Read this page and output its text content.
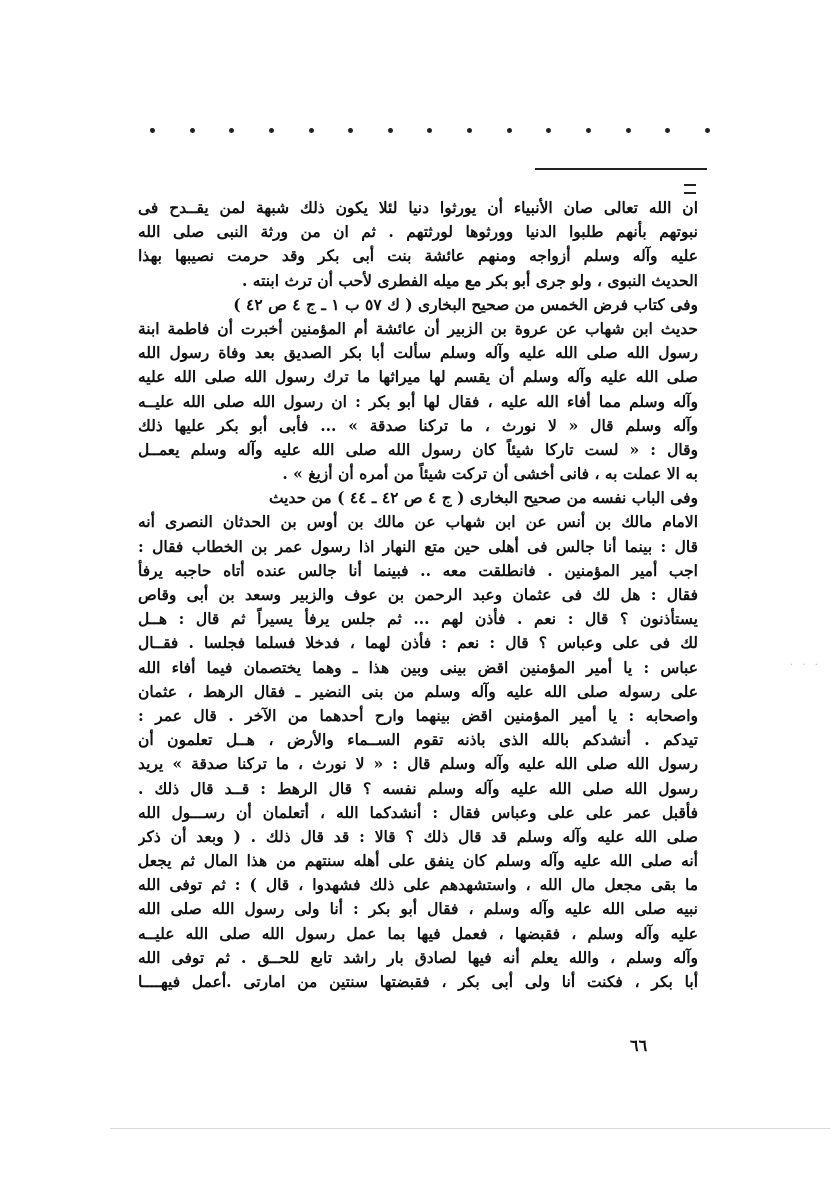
ان الله تعالى صان الأنبياء أن يورثوا دنيا لئلا يكون ذلك شبهة لمن يقــدح فى
نبوتهم بأنهم طلبوا الدنيا وورثوها لورثتهم . ثم ان من ورثة النبى صلى الله
عليه وآله وسلم أزواجه ومنهم عائشة بنت أبى بكر وقد حرمت نصيبها بهذا
الحديث النبوى ، ولو جرى أبو بكر مع ميله الفطرى لأحب أن ترث ابنته .
وفى كتاب فرض الخمس من صحيح البخارى ( ك ٥٧ ب ١ ـ ج ٤ ص ٤٢ )
حديث ابن شهاب عن عروة بن الزبير أن عائشة أم المؤمنين أخبرت أن فاطمة ابنة
رسول الله صلى الله عليه وآله وسلم سألت أبا بكر الصديق بعد وفاة رسول الله
صلى الله عليه وآله وسلم أن يقسم لها ميراثها ما ترك رسول الله صلى الله عليه
وآله وسلم مما أفاء الله عليه ، فقال لها أبو بكر : ان رسول الله صلى الله عليــه
وآله وسلم قال « لا نورث ، ما تركنا صدقة » ... فأبى أبو بكر عليها ذلك
وقال : « لست تاركا شيئاً كان رسول الله صلى الله عليه وآله وسلم يعمــل
به الا عملت به ، فانى أخشى أن تركت شيئاً من أمره أن أزيغ » .
وفى الباب نفسه من صحيح البخارى ( ج ٤ ص ٤٢ ـ ٤٤ ) من حديث
الامام مالك بن أنس عن ابن شهاب عن مالك بن أوس بن الحدثان النصرى أنه
قال : بينما أنا جالس فى أهلى حين متع النهار اذا رسول عمر بن الخطاب فقال :
اجب أمير المؤمنين . فانطلقت معه .. فبينما أنا جالس عنده أتاه حاجبه يرفأ
فقال : هل لك فى عثمان وعبد الرحمن بن عوف والزبير وسعد بن أبى وقاص
يستأذنون ؟ قال : نعم . فأذن لهم ... ثم جلس يرفأ يسيراً ثم قال : هــل
لك فى على وعباس ؟ قال : نعم : فأذن لهما ، فدخلا فسلما فجلسا . فقــال
عباس : يا أمير المؤمنين اقض بينى وبين هذا ـ وهما يختصمان فيما أفاء الله
على رسوله صلى الله عليه وآله وسلم من بنى النضير ـ فقال الرهط ، عثمان
واصحابه : يا أمير المؤمنين اقض بينهما وارح أحدهما من الآخر . قال عمر :
تيدكم . أنشدكم بالله الذى باذنه تقوم الســماء والأرض ، هــل تعلمون أن
رسول الله صلى الله عليه وآله وسلم قال : « لا نورث ، ما تركنا صدقة » يريد
رسول الله صلى الله عليه وآله وسلم نفسه ؟ قال الرهط : قــد قال ذلك .
فأقبل عمر على على وعباس فقال : أنشدكما الله ، أتعلمان أن رســـول الله
صلى الله عليه وآله وسلم قد قال ذلك ؟ قالا : قد قال ذلك . ( وبعد أن ذكر
أنه صلى الله عليه وآله وسلم كان ينفق على أهله سنتهم من هذا المال ثم يجعل
ما بقى مجعل مال الله ، واستشهدهم على ذلك فشهدوا ، قال ) : ثم توفى الله
نبيه صلى الله عليه وآله وسلم ، فقال أبو بكر : أنا ولى رسول الله صلى الله
عليه وآله وسلم ، فقبضها ، فعمل فيها بما عمل رسول الله صلى الله عليــه
وآله وسلم ، والله يعلم أنه فيها لصادق بار راشد تابع للحــق . ثم توفى الله
أبا بكر ، فكنت أنا ولى أبى بكر ، فقبضتها سنتين من امارتى .أعمل فيهــــا
٦٦
· · ·
